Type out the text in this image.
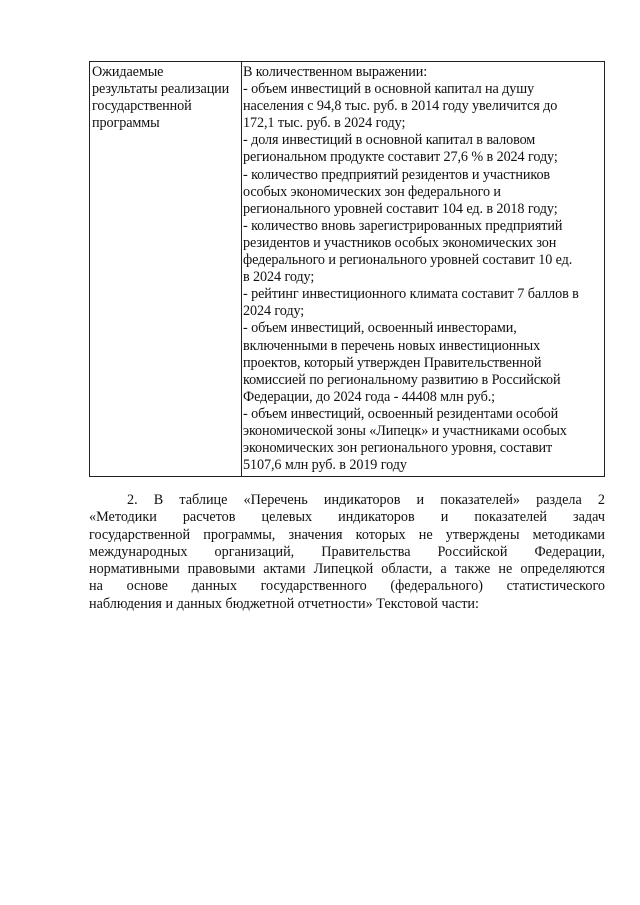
Ожидаемые
результаты реализации
государственной
программы
В количественном выражении:
- объем инвестиций в основной капитал на душу
населения с 94,8 тыс. руб. в 2014 году увеличится до
172,1 тыс. руб. в 2024 году;
- доля инвестиций в основной капитал в валовом
региональном продукте составит 27,6 % в 2024 году;
- количество предприятий резидентов и участников
особых экономических зон федерального и
регионального уровней составит 104 ед. в 2018 году;
- количество вновь зарегистрированных предприятий
резидентов и участников особых экономических зон
федерального и регионального уровней составит 10 ед.
в 2024 году;
- рейтинг инвестиционного климата составит 7 баллов в
2024 году;
- объем инвестиций, освоенный инвесторами,
включенными в перечень новых инвестиционных
проектов, который утвержден Правительственной
комиссией по региональному развитию в Российской
Федерации, до 2024 года - 44408 млн руб.;
- объем инвестиций, освоенный резидентами особой
экономической зоны «Липецк» и участниками особых
экономических зон регионального уровня, составит
5107,6 млн руб. в 2019 году
2. В таблице «Перечень индикаторов и показателей» раздела 2
«Методики расчетов целевых индикаторов и показателей задач
государственной программы, значения которых не утверждены методиками
международных организаций, Правительства Российской Федерации,
нормативными правовыми актами Липецкой области, а также не определяются
на основе данных государственного (федерального) статистического
наблюдения и данных бюджетной отчетности» Текстовой части:
